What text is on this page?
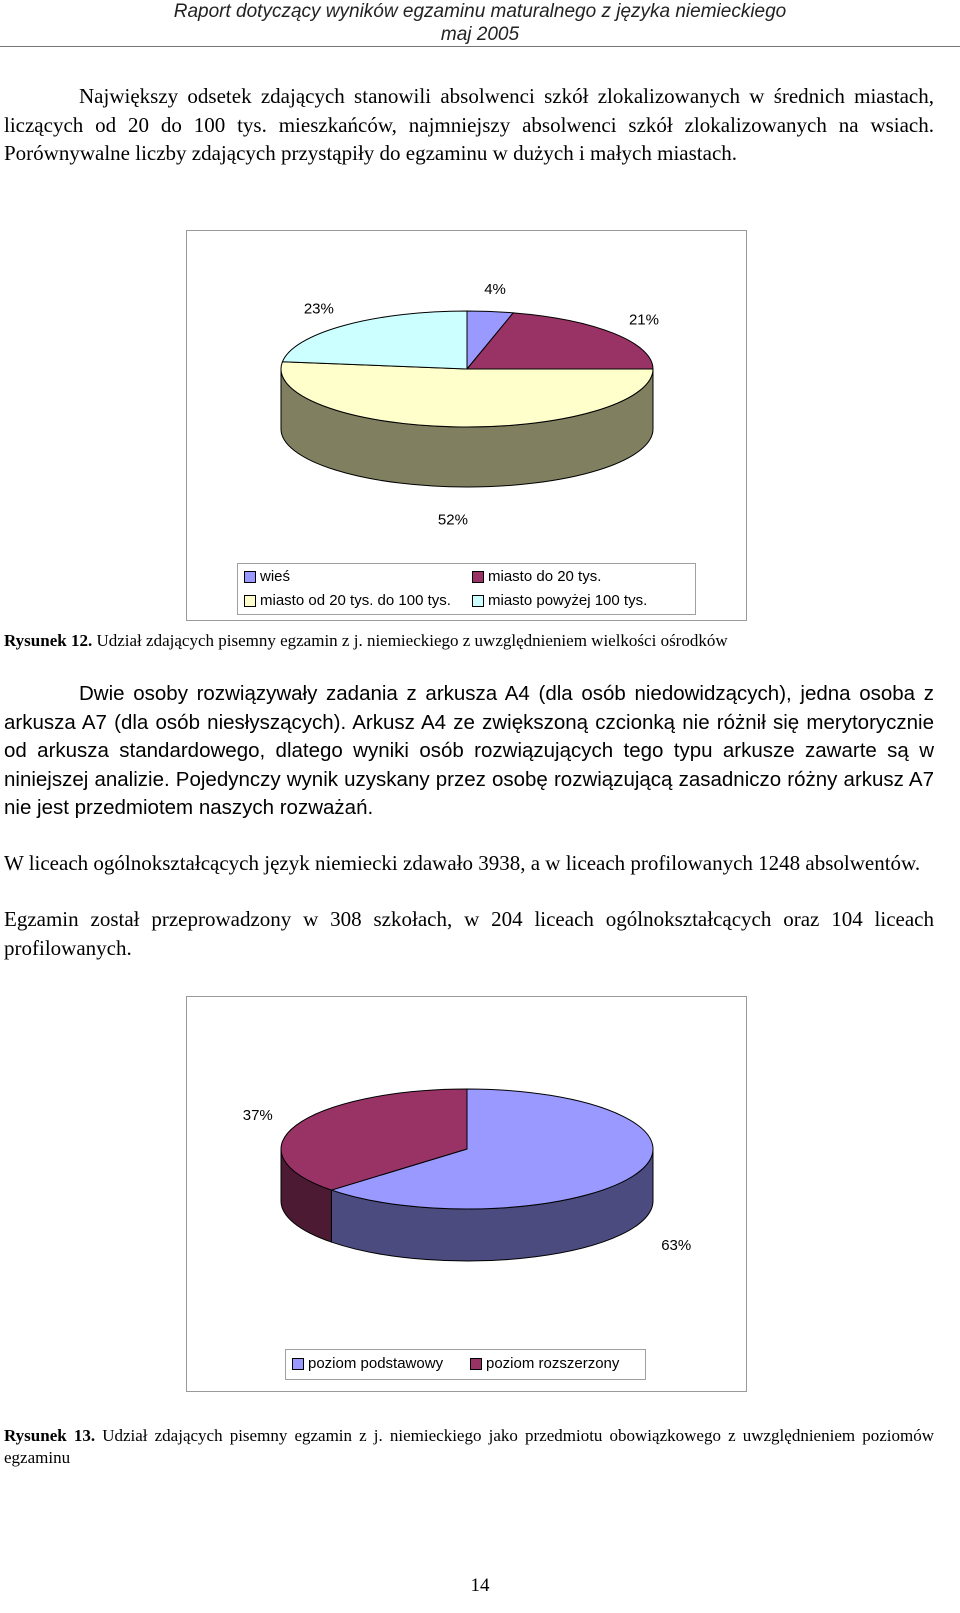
Raport dotyczący wyników egzaminu maturalnego z języka niemieckiego
maj 2005

Największy odsetek zdających stanowili absolwenci szkół zlokalizowanych w średnich miastach, liczących od 20 do 100 tys. mieszkańców, najmniejszy absolwenci szkół zlokalizowanych na wsiach. Porównywalne liczby zdających przystąpiły do egzaminu w dużych i małych miastach.

4%
21%
52%
23%
wieś	miasto do 20 tys.
miasto od 20 tys. do 100 tys. miasto powyżej 100 tys.

Rysunek 12. Udział zdających pisemny egzamin z j. niemieckiego z uwzględnieniem wielkości ośrodków

Dwie osoby rozwiązywały zadania z arkusza A4 (dla osób niedowidzących), jedna osoba z arkusza A7 (dla osób niesłyszących). Arkusz A4 ze zwiększoną czcionką nie różnił się merytorycznie od arkusza standardowego, dlatego wyniki osób rozwiązujących tego typu arkusze zawarte są w niniejszej analizie. Pojedynczy wynik uzyskany przez osobę rozwiązującą zasadniczo różny arkusz A7 nie jest przedmiotem naszych rozważań.

W liceach ogólnokształcących język niemiecki zdawało 3938, a w liceach profilowanych 1248 absolwentów.

Egzamin został przeprowadzony w 308 szkołach, w 204 liceach ogólnokształcących oraz 104 liceach profilowanych.

63%
37%
poziom podstawowy	poziom rozszerzony

Rysunek 13. Udział zdających pisemny egzamin z j. niemieckiego jako przedmiotu obowiązkowego z uwzględnieniem poziomów egzaminu

14
